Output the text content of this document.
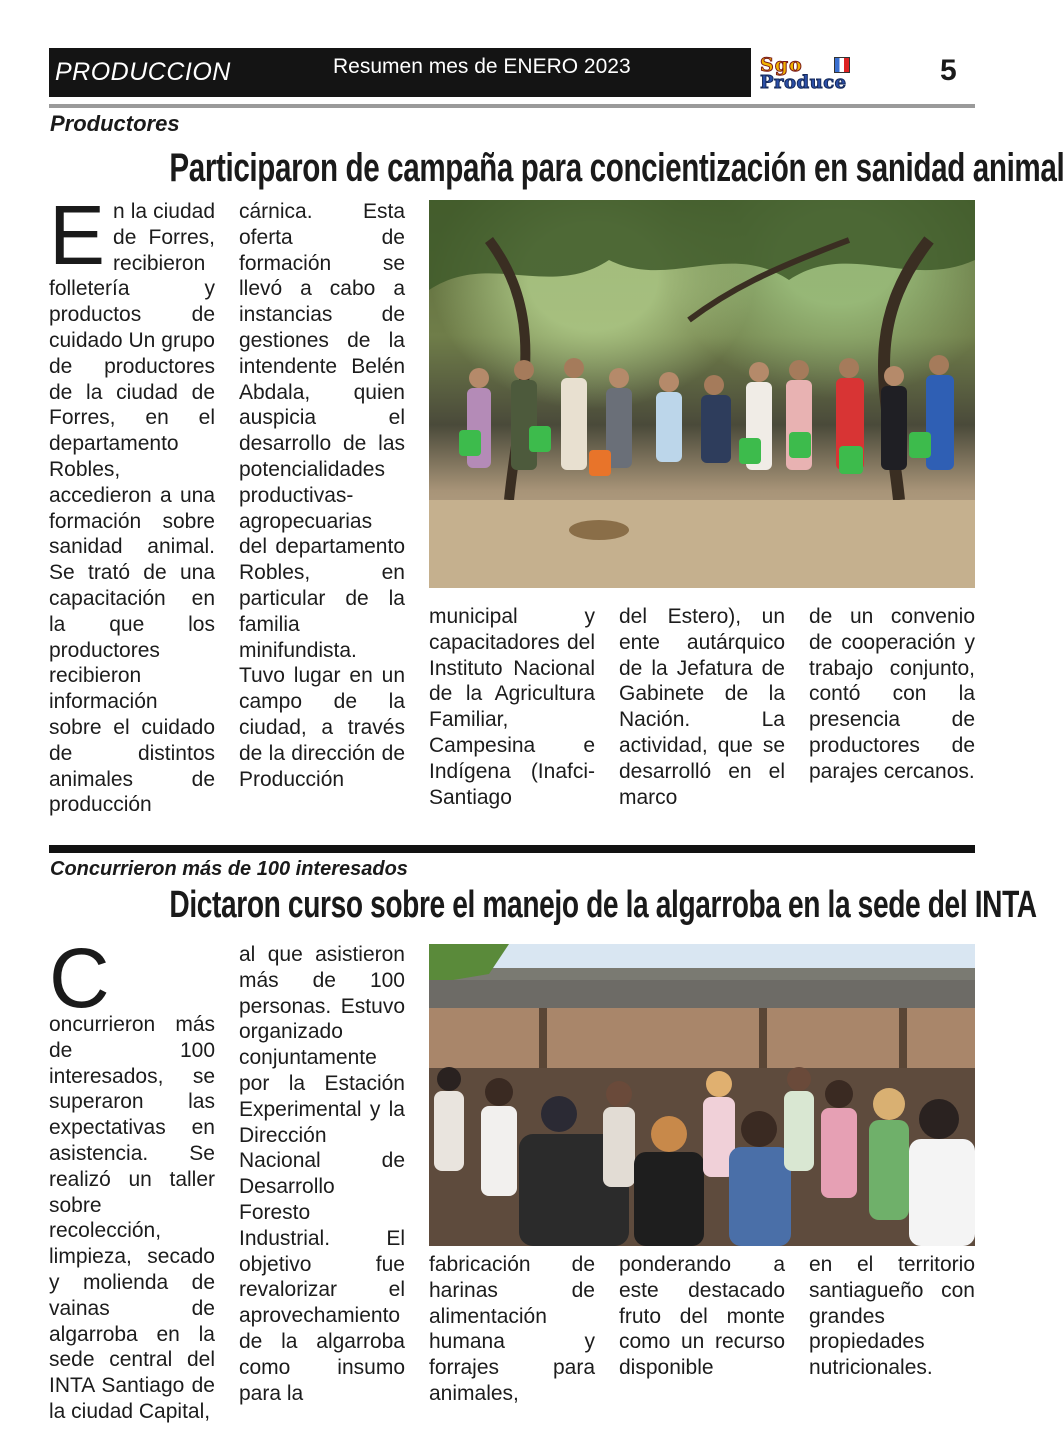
PRODUCCION	Resumen mes de ENERO 2023	Sgo
Produce	5
Productores
Participaron de campaña para concientización en sanidad animal
E n la ciudad de Forres, recibieron folletería y productos de cuidado Un grupo de productores de la ciudad de Forres, en el departamento Robles, accedieron a una formación sobre sanidad animal. Se trató de una capacitación en la que los productores recibieron información sobre el cuidado de distintos animales de producción

cárnica. Esta oferta de formación se llevó a cabo a instancias de gestiones de la intendente Belén Abdala, quien auspicia el desarrollo de las potencialidades productivas-agropecuarias del departamento Robles, en particular de la familia minifundista. Tuvo lugar en un campo de la ciudad, a través de la dirección de Producción

municipal y capacitadores del Instituto Nacional de la Agricultura Familiar, Campesina e Indígena (Inafci-Santiago

del Estero), un ente autárquico de la Jefatura de Gabinete de la Nación. La actividad, que se desarrolló en el marco

de un convenio de cooperación y trabajo conjunto, contó con la presencia de productores de parajes cercanos.

Concurrieron más de 100 interesados
Dictaron curso sobre el manejo de la algarroba en la sede del INTA
C

oncurrieron más de 100 interesados, se superaron las expectativas en asistencia. Se realizó un taller sobre recolección, limpieza, secado y molienda de vainas de algarroba en la sede central del INTA Santiago de la ciudad Capital,

al que asistieron más de 100 personas. Estuvo organizado conjuntamente por la Estación Experimental y la Dirección Nacional de Desarrollo Foresto Industrial. El objetivo fue revalorizar el aprovechamiento de la algarroba como insumo para la

fabricación de harinas de alimentación humana y forrajes para animales,

ponderando a este destacado fruto del monte como un recurso disponible

en el territorio santiagueño con grandes propiedades nutricionales.
